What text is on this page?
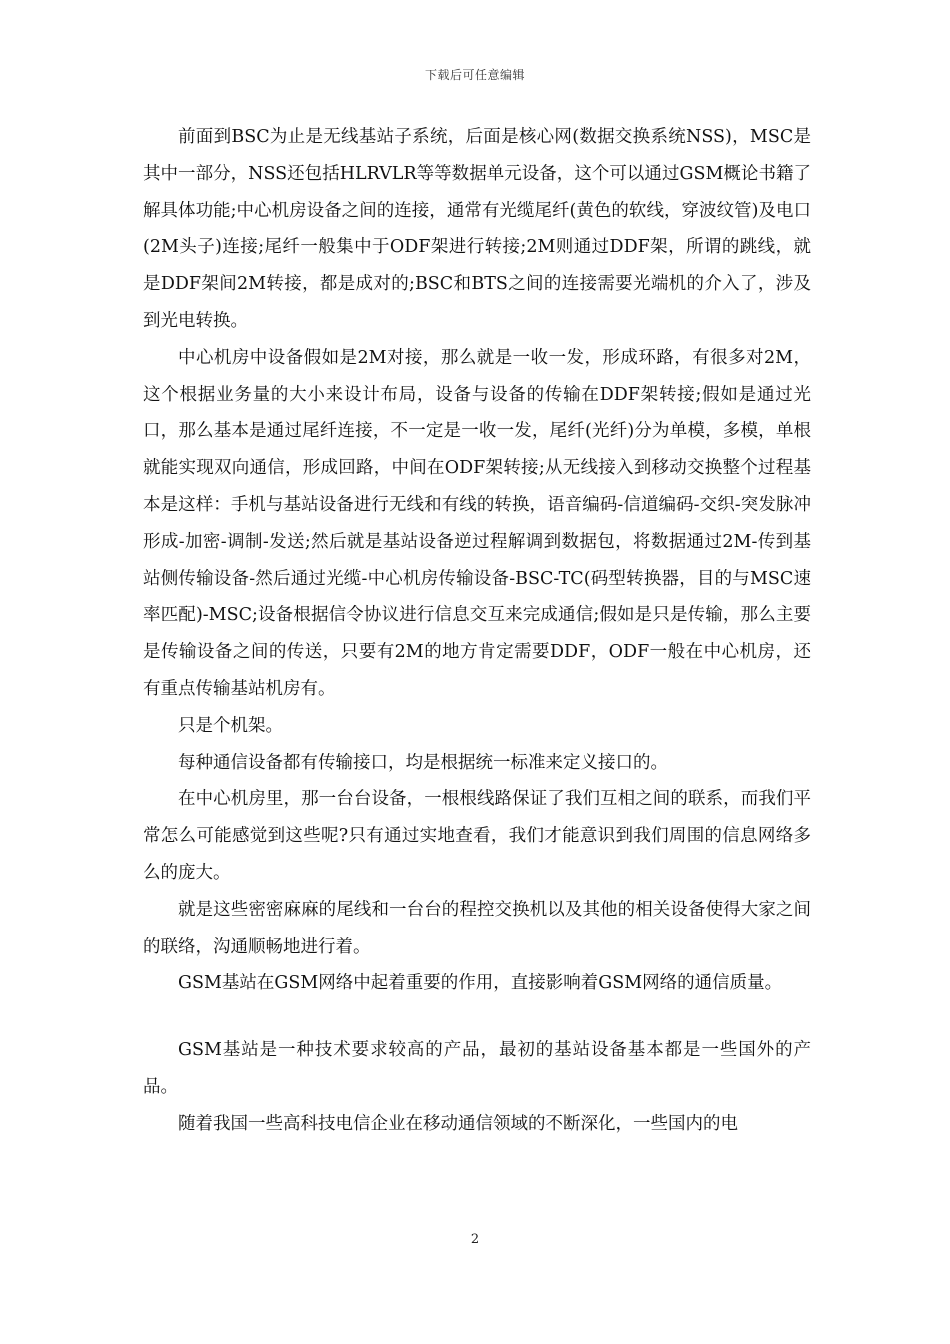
下载后可任意编辑

前面到BSC为止是无线基站子系统，后面是核心网(数据交换系统NSS)，MSC是其中一部分，NSS还包括HLRVLR等等数据单元设备，这个可以通过GSM概论书籍了解具体功能;中心机房设备之间的连接，通常有光缆尾纤(黄色的软线，穿波纹管)及电口(2M头子)连接;尾纤一般集中于ODF架进行转接;2M则通过DDF架，所谓的跳线，就是DDF架间2M转接，都是成对的;BSC和BTS之间的连接需要光端机的介入了，涉及到光电转换。

中心机房中设备假如是2M对接，那么就是一收一发，形成环路，有很多对2M，这个根据业务量的大小来设计布局，设备与设备的传输在DDF架转接;假如是通过光口，那么基本是通过尾纤连接，不一定是一收一发，尾纤(光纤)分为单模，多模，单根就能实现双向通信，形成回路，中间在ODF架转接;从无线接入到移动交换整个过程基本是这样：手机与基站设备进行无线和有线的转换，语音编码-信道编码-交织-突发脉冲形成-加密-调制-发送;然后就是基站设备逆过程解调到数据包，将数据通过2M-传到基站侧传输设备-然后通过光缆-中心机房传输设备-BSC-TC(码型转换器，目的与MSC速率匹配)-MSC;设备根据信令协议进行信息交互来完成通信;假如是只是传输，那么主要是传输设备之间的传送，只要有2M的地方肯定需要DDF，ODF一般在中心机房，还有重点传输基站机房有。

只是个机架。

每种通信设备都有传输接口，均是根据统一标准来定义接口的。

在中心机房里，那一台台设备，一根根线路保证了我们互相之间的联系，而我们平常怎么可能感觉到这些呢?只有通过实地查看，我们才能意识到我们周围的信息网络多么的庞大。

就是这些密密麻麻的尾线和一台台的程控交换机以及其他的相关设备使得大家之间的联络，沟通顺畅地进行着。

GSM基站在GSM网络中起着重要的作用，直接影响着GSM网络的通信质量。

GSM基站是一种技术要求较高的产品，最初的基站设备基本都是一些国外的产品。

随着我国一些高科技电信企业在移动通信领域的不断深化，一些国内的电

2
